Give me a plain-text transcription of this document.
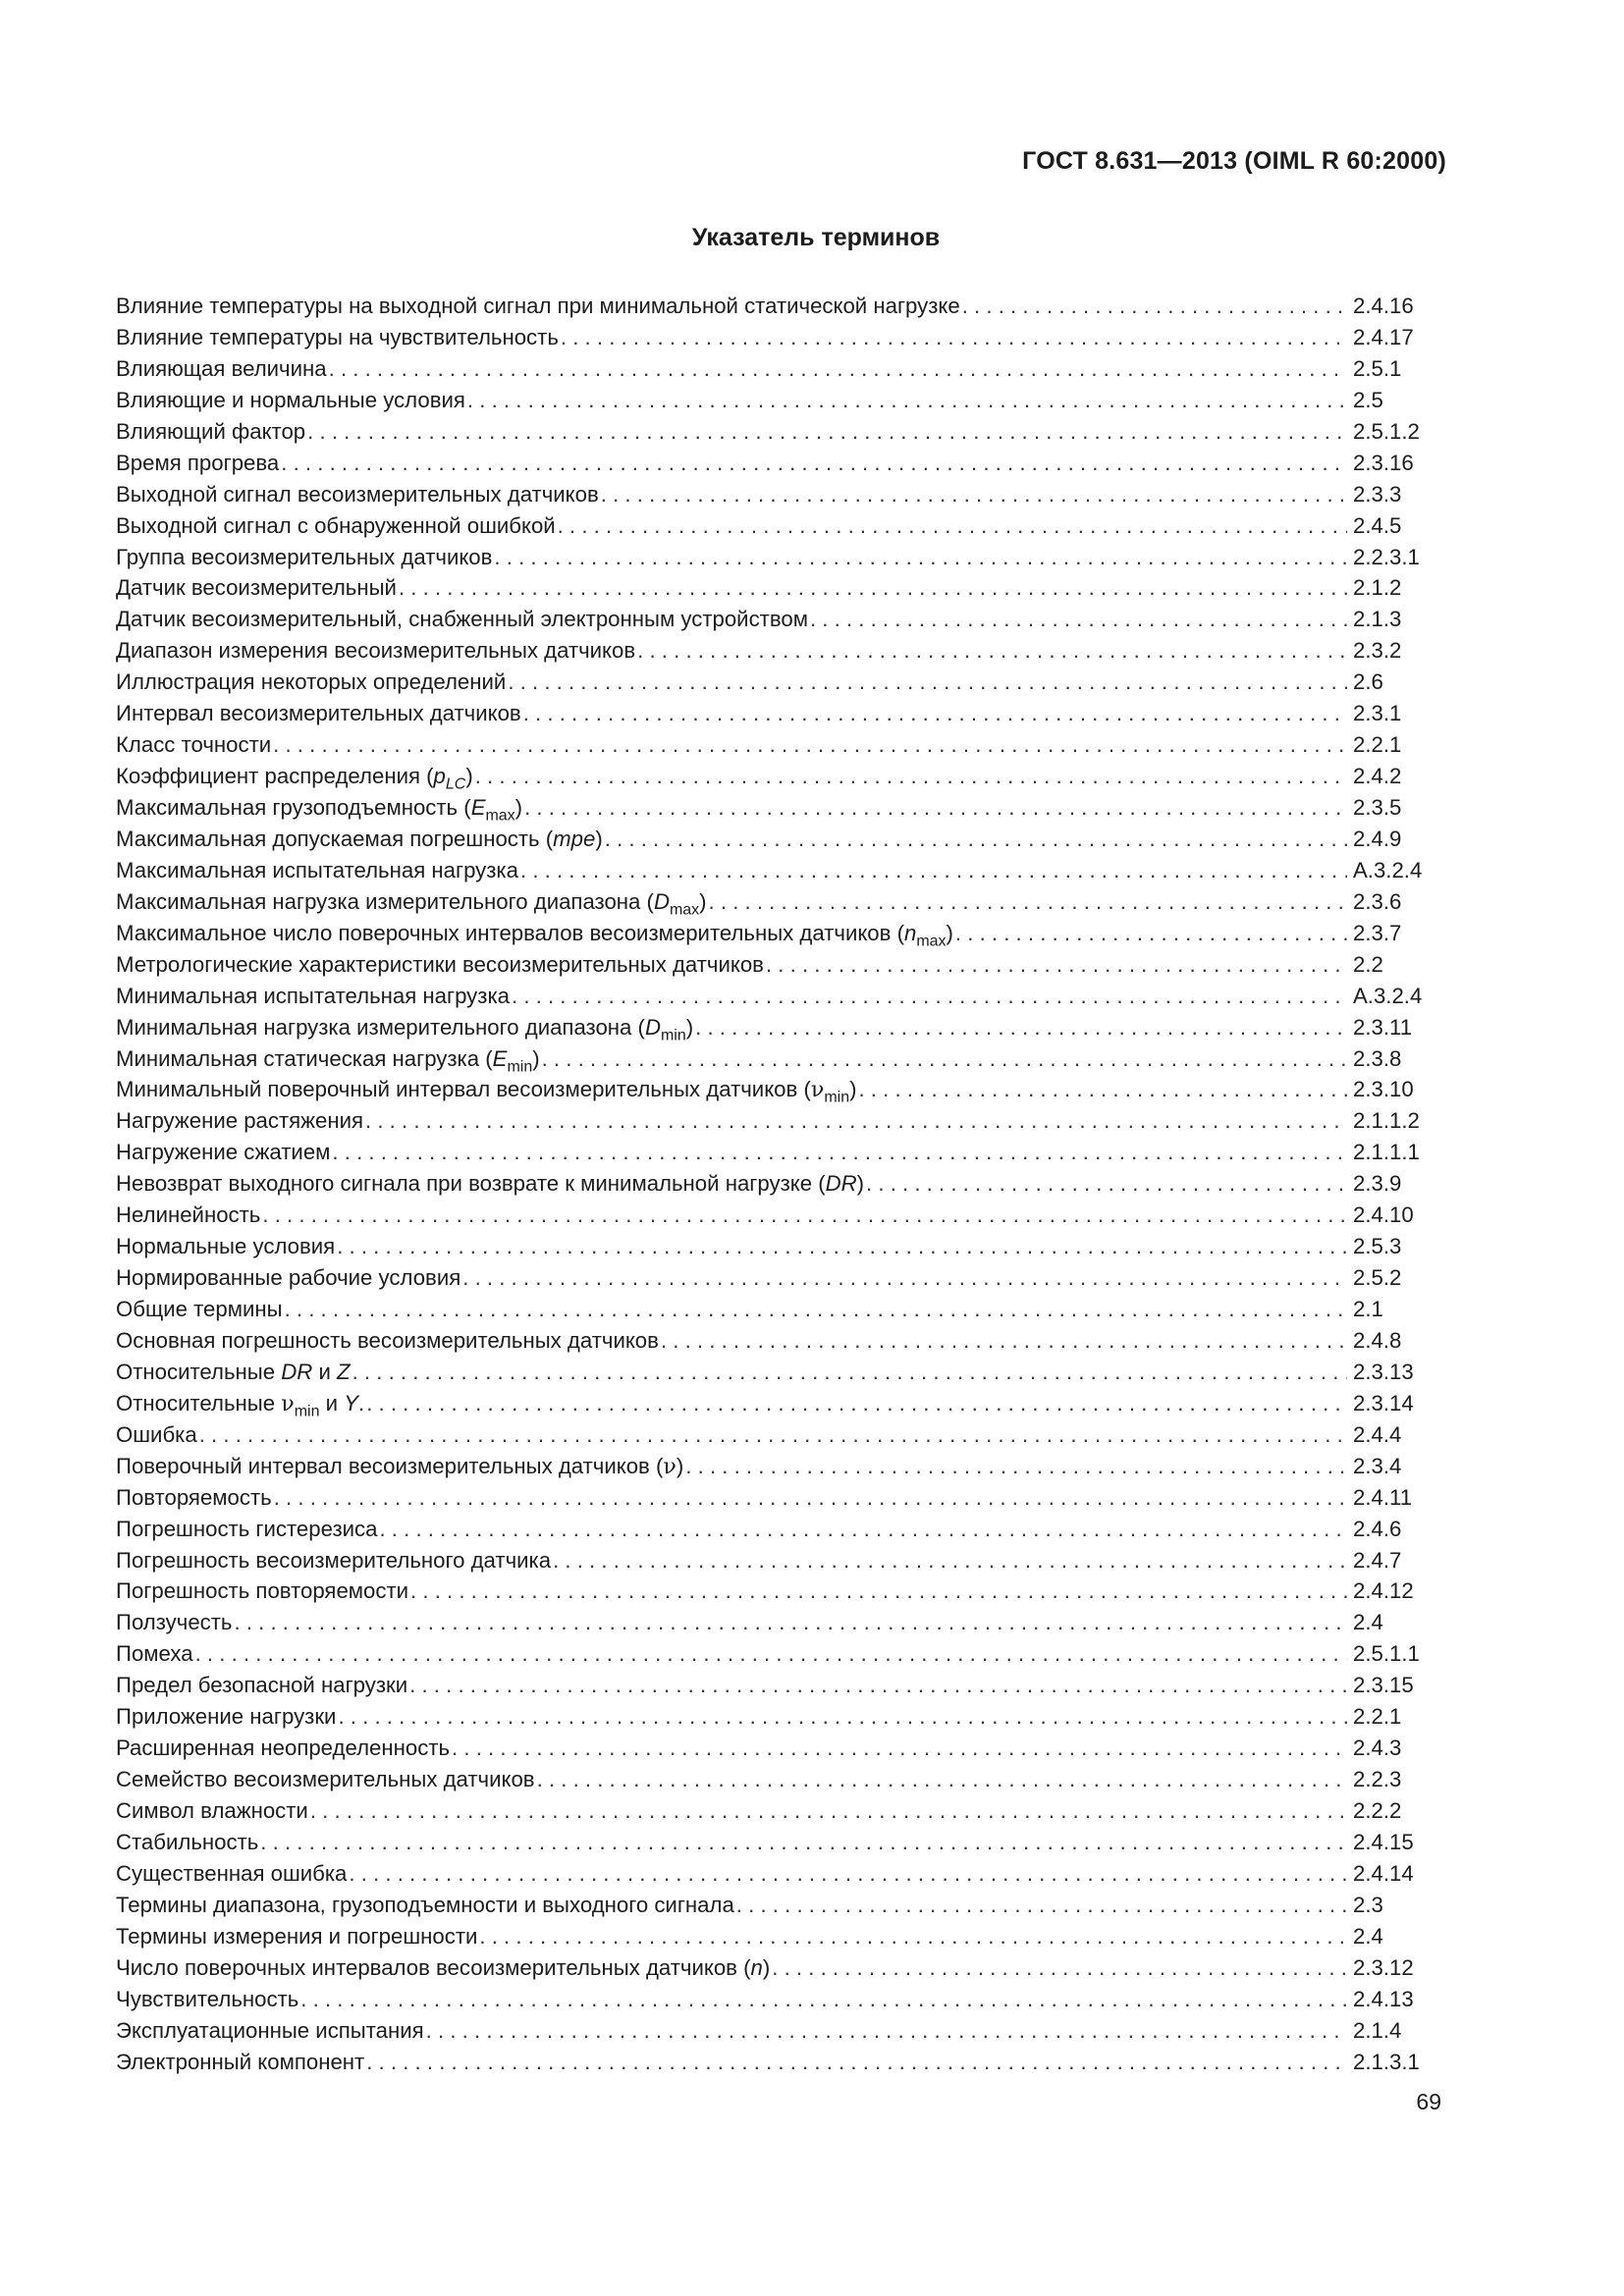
ГОСТ 8.631—2013 (OIML R 60:2000)
Указатель терминов
Влияние температуры на выходной сигнал при минимальной статической нагрузке . . .	2.4.16
Влияние температуры на чувствительность . . .	2.4.17
Влияющая величина . . .	2.5.1
Влияющие и нормальные условия . . .	2.5
Влияющий фактор . . .	2.5.1.2
Время прогрева . . .	2.3.16
Выходной сигнал весоизмерительных датчиков . . .	2.3.3
Выходной сигнал с обнаруженной ошибкой . . .	2.4.5
Группа весоизмерительных датчиков . . .	2.2.3.1
Датчик весоизмерительный . . .	2.1.2
Датчик весоизмерительный, снабженный электронным устройством . . .	2.1.3
Диапазон измерения весоизмерительных датчиков . . .	2.3.2
Иллюстрация некоторых определений . . .	2.6
Интервал весоизмерительных датчиков . . .	2.3.1
Класс точности . . .	2.2.1
Коэффициент распределения $(p_{LC})$ . . .	2.4.2
Максимальная грузоподъемность $(E_{max})$ . . .	2.3.5
Максимальная допускаемая погрешность (mpe) . . .	2.4.9
Максимальная испытательная нагрузка . . .	А.3.2.4
Максимальная нагрузка измерительного диапазона $(D_{max})$ . . .	2.3.6
Максимальное число поверочных интервалов весоизмерительных датчиков $(n_{max})$ . . .	2.3.7
Метрологические характеристики весоизмерительных датчиков . . .	2.2
Минимальная испытательная нагрузка . . .	А.3.2.4
Минимальная нагрузка измерительного диапазона $(D_{min})$ . . .	2.3.11
Минимальная статическая нагрузка $(E_{min})$ . . .	2.3.8
Минимальный поверочный интервал весоизмерительных датчиков $(\nu_{min})$ . . .	2.3.10
Нагружение растяжения . . .	2.1.1.2
Нагружение сжатием . . .	2.1.1.1
Невозврат выходного сигнала при возврате к минимальной нагрузке (DR) . . .	2.3.9
Нелинейность . . .	2.4.10
Нормальные условия . . .	2.5.3
Нормированные рабочие условия . . .	2.5.2
Общие термины . . .	2.1
Основная погрешность весоизмерительных датчиков . . .	2.4.8
Относительные DR и Z . . .	2.3.13
Относительные $\nu_{min}$ и Y. . . .	2.3.14
Ошибка . . .	2.4.4
Поверочный интервал весоизмерительных датчиков (ν) . . .	2.3.4
Повторяемость . . .	2.4.11
Погрешность гистерезиса . . .	2.4.6
Погрешность весоизмерительного датчика . . .	2.4.7
Погрешность повторяемости . . .	2.4.12
Ползучесть . . .	2.4
Помеха . . .	2.5.1.1
Предел безопасной нагрузки . . .	2.3.15
Приложение нагрузки . . .	2.2.1
Расширенная неопределенность . . .	2.4.3
Семейство весоизмерительных датчиков . . .	2.2.3
Символ влажности . . .	2.2.2
Стабильность . . .	2.4.15
Существенная ошибка . . .	2.4.14
Термины диапазона, грузоподъемности и выходного сигнала . . .	2.3
Термины измерения и погрешности . . .	2.4
Число поверочных интервалов весоизмерительных датчиков (n) . . .	2.3.12
Чувствительность . . .	2.4.13
Эксплуатационные испытания . . .	2.1.4
Электронный компонент . . .	2.1.3.1
69
